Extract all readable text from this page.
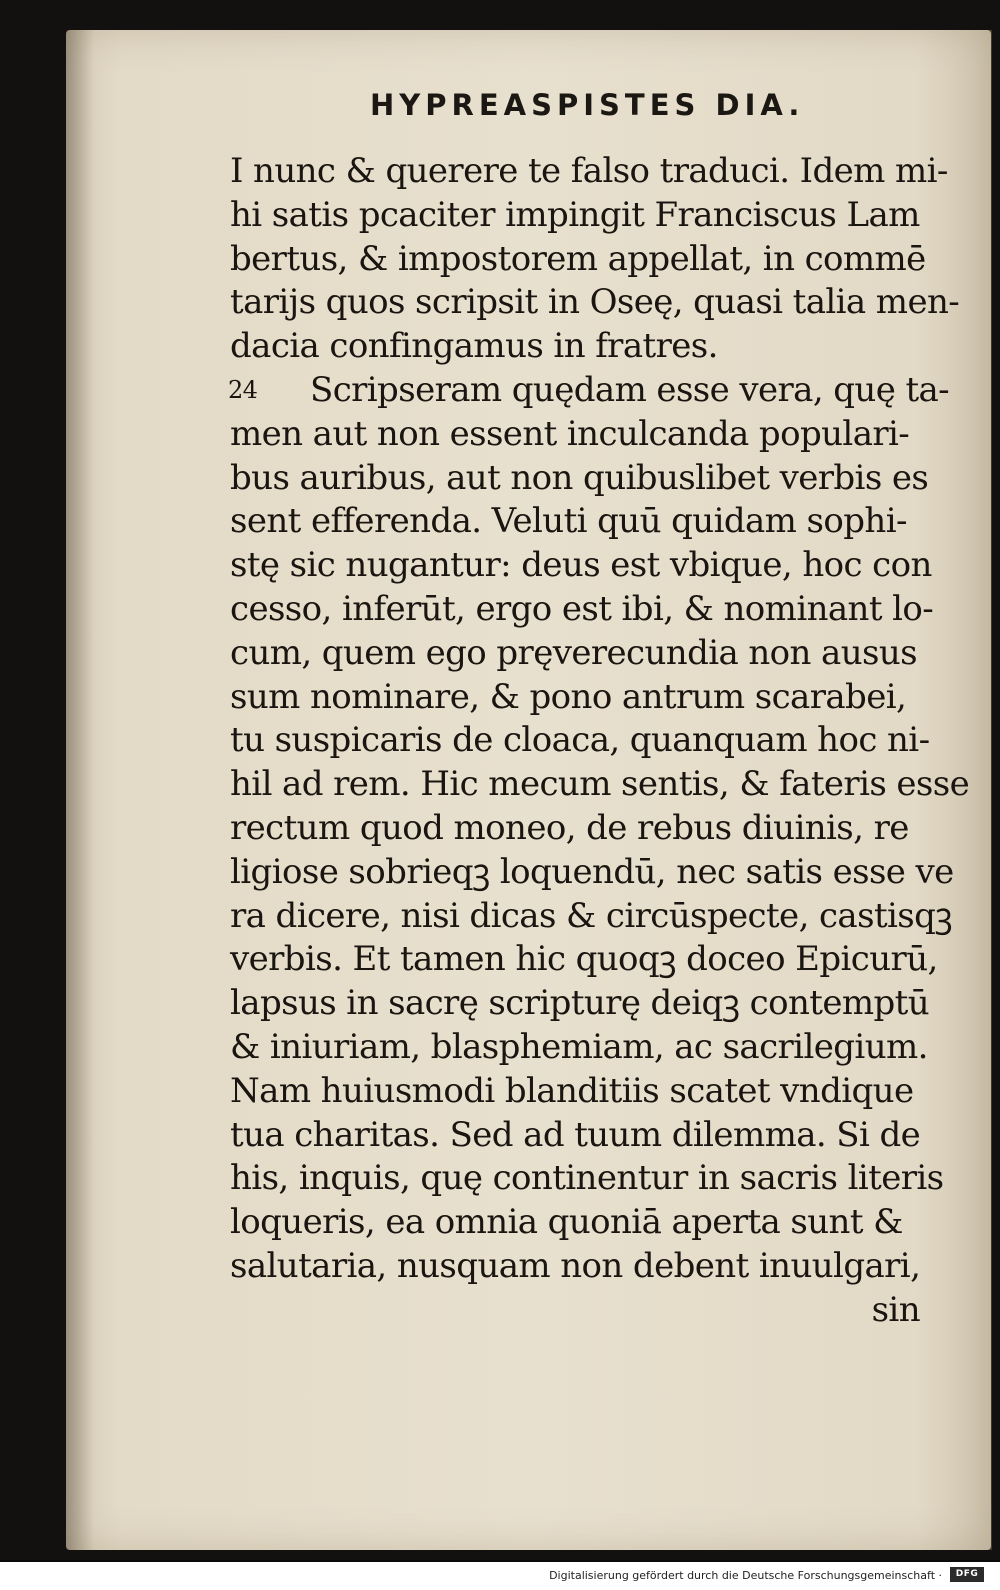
HYPREASPISTES DIA.
I nunc & querere te falso traduci. Idem mi-
hi satis pcaciter impingit Franciscus Lam
bertus, & impostorem appellat, in commē
tarijs quos scripsit in Oseę, quasi talia men-
dacia confingamus in fratres.
24 Scripseram quędam esse vera, quę ta-
men aut non essent inculcanda populari-
bus auribus, aut non quibuslibet verbis es
sent efferenda. Veluti quū quidam sophi-
stę sic nugantur: deus est vbique, hoc con
cesso, inferūt, ergo est ibi, & nominant lo-
cum, quem ego pręverecundia non ausus
sum nominare, & pono antrum scarabei,
tu suspicaris de cloaca, quanquam hoc ni-
hil ad rem. Hic mecum sentis, & fateris esse
rectum quod moneo, de rebus diuinis, re
ligiose sobrieqꝫ loquendū, nec satis esse ve
ra dicere, nisi dicas & circūspecte, castisqꝫ
verbis. Et tamen hic quoqꝫ doceo Epicurū,
lapsus in sacrę scripturę deiqꝫ contemptū
& iniuriam, blasphemiam, ac sacrilegium.
Nam huiusmodi blanditiis scatet vndique
tua charitas. Sed ad tuum dilemma. Si de
his, inquis, quę continentur in sacris literis
loqueris, ea omnia quoniā aperta sunt &
salutaria, nusquam non debent inuulgari,
sin
Digitalisierung gefördert durch die Deutsche Forschungsgemeinschaft ·	DFG
